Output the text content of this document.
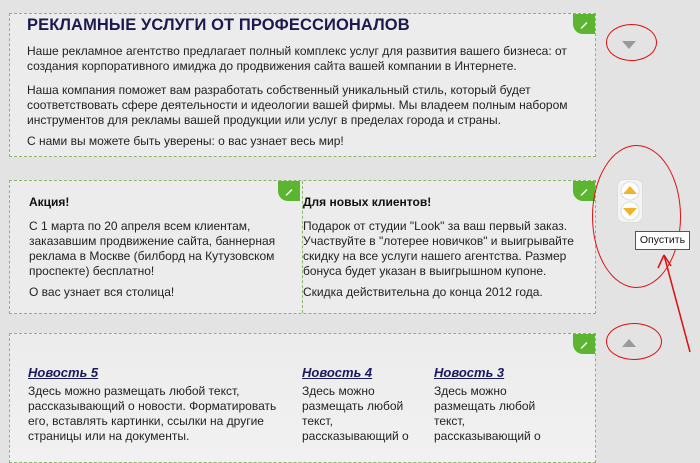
РЕКЛАМНЫЕ УСЛУГИ ОТ ПРОФЕССИОНАЛОВ

Наше рекламное агентство предлагает полный комплекс услуг для развития вашего бизнеса: от

создания корпоративного имиджа до продвижения сайта вашей компании в Интернете.

Наша компания поможет вам разработать собственный уникальный стиль, который будет

соответствовать сфере деятельности и идеологии вашей фирмы. Мы владеем полным набором

инструментов для рекламы вашей продукции или услуг в пределах города и страны.

С нами вы можете быть уверены: о вас узнает весь мир!

Акция!

С 1 марта по 20 апреля всем клиентам,

заказавшим продвижение сайта, баннерная

реклама в Москве (билборд на Кутузовском

проспекте) бесплатно!

О вас узнает вся столица!

Для новых клиентов!

Подарок от студии "Look" за ваш первый заказ.

Участвуйте в "лотерее новичков" и выигрывайте

скидку на все услуги нашего агентства. Размер

бонуса будет указан в выигрышном купоне.

Скидка действительна до конца 2012 года.

Новость 5

Здесь можно размещать любой текст,

рассказывающий о новости. Форматировать

его, вставлять картинки, ссылки на другие

страницы или на документы.

Новость 4

Здесь можно

размещать любой

текст,

рассказывающий о

Новость 3

Здесь можно

размещать любой

текст,

рассказывающий о

Опустить
